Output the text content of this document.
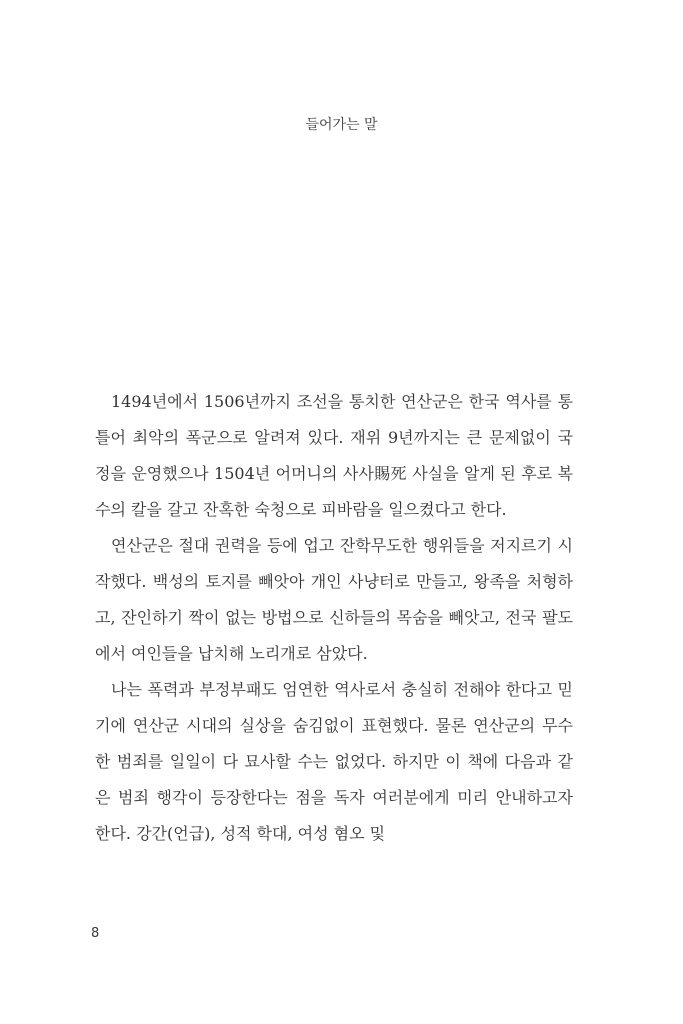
들어가는 말

1494년에서 1506년까지 조선을 통치한 연산군은 한국 역사를 통틀어 최악의 폭군으로 알려져 있다. 재위 9년까지는 큰 문제없이 국정을 운영했으나 1504년 어머니의 사사賜死 사실을 알게 된 후로 복수의 칼을 갈고 잔혹한 숙청으로 피바람을 일으켰다고 한다.

연산군은 절대 권력을 등에 업고 잔학무도한 행위들을 저지르기 시작했다. 백성의 토지를 빼앗아 개인 사냥터로 만들고, 왕족을 처형하고, 잔인하기 짝이 없는 방법으로 신하들의 목숨을 빼앗고, 전국 팔도에서 여인들을 납치해 노리개로 삼았다.

나는 폭력과 부정부패도 엄연한 역사로서 충실히 전해야 한다고 믿기에 연산군 시대의 실상을 숨김없이 표현했다. 물론 연산군의 무수한 범죄를 일일이 다 묘사할 수는 없었다. 하지만 이 책에 다음과 같은 범죄 행각이 등장한다는 점을 독자 여러분에게 미리 안내하고자 한다. 강간(언급), 성적 학대, 여성 혐오 및

8
